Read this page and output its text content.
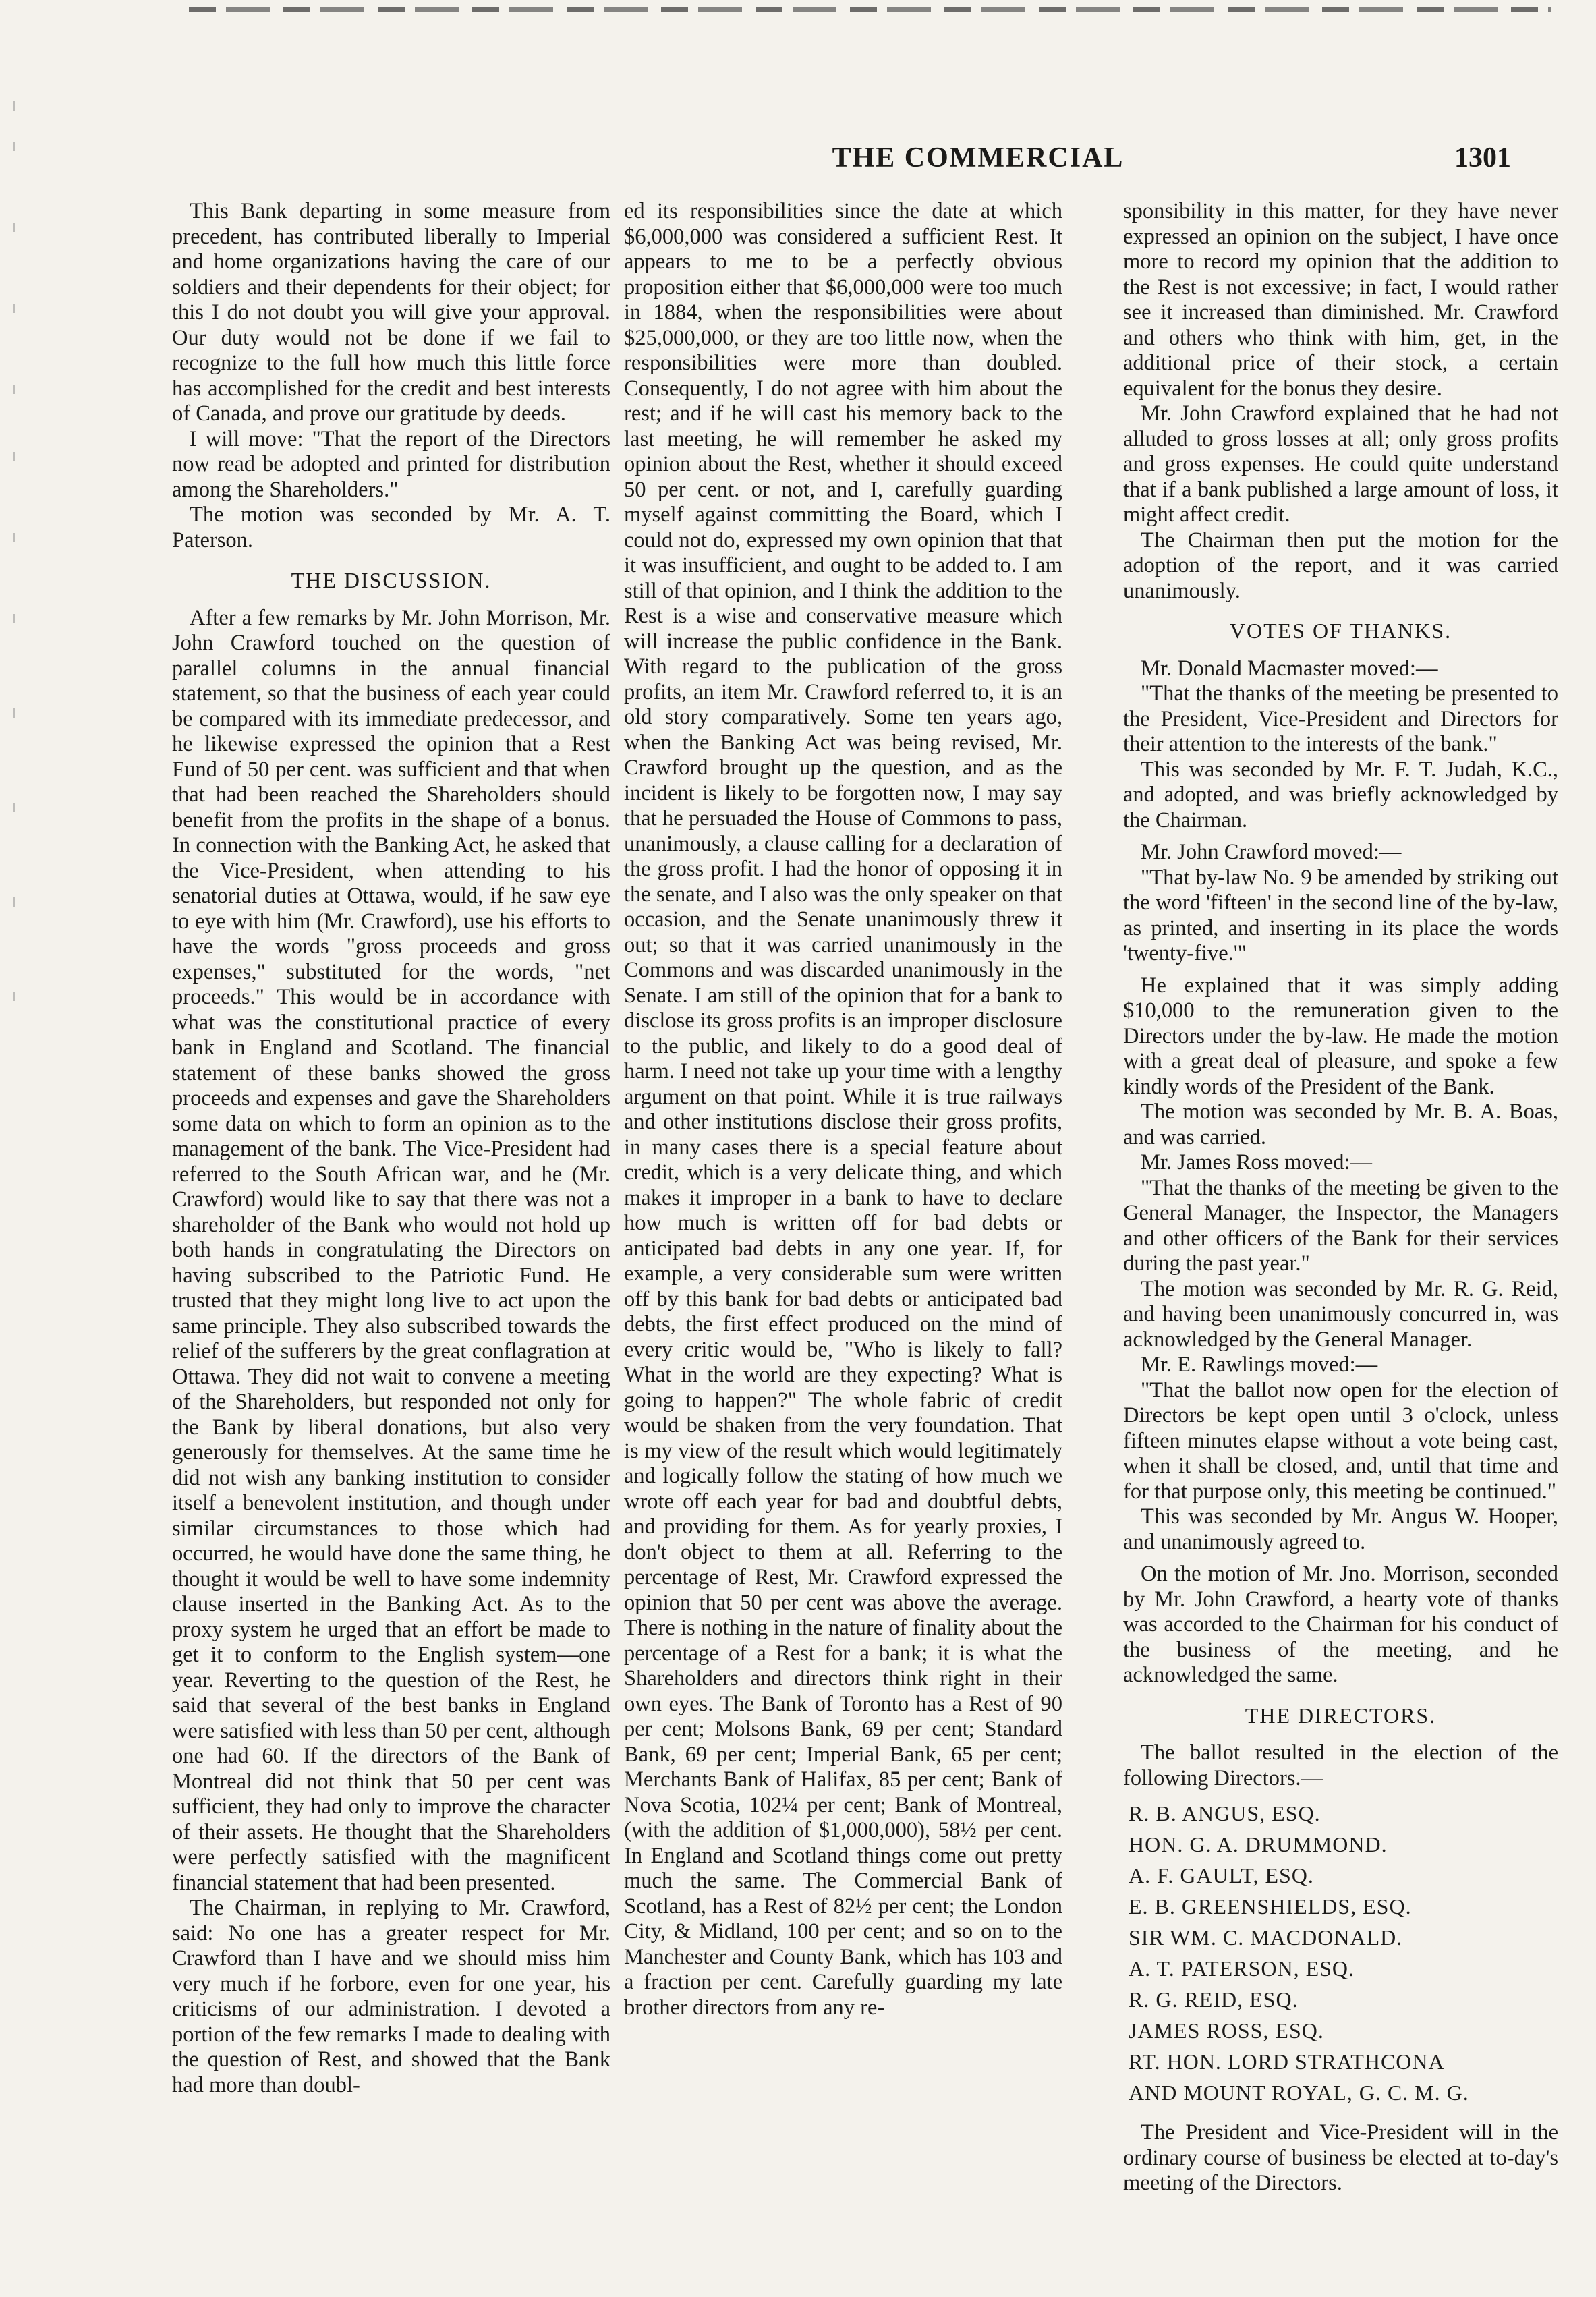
THE COMMERCIAL	1301

This Bank departing in some measure from precedent, has contributed liberally to Imperial and home organizations having the care of our soldiers and their dependents for their object; for this I do not doubt you will give your approval. Our duty would not be done if we fail to recognize to the full how much this little force has accomplished for the credit and best interests of Canada, and prove our gratitude by deeds.

I will move: "That the report of the Directors now read be adopted and printed for distribution among the Shareholders."

The motion was seconded by Mr. A. T. Paterson.

THE DISCUSSION.

After a few remarks by Mr. John Morrison, Mr. John Crawford touched on the question of parallel columns in the annual financial statement, so that the business of each year could be compared with its immediate predecessor, and he likewise expressed the opinion that a Rest Fund of 50 per cent. was sufficient and that when that had been reached the Shareholders should benefit from the profits in the shape of a bonus. In connection with the Banking Act, he asked that the Vice-President, when attending to his senatorial duties at Ottawa, would, if he saw eye to eye with him (Mr. Crawford), use his efforts to have the words "gross proceeds and gross expenses," substituted for the words, "net proceeds." This would be in accordance with what was the constitutional practice of every bank in England and Scotland. The financial statement of these banks showed the gross proceeds and expenses and gave the Shareholders some data on which to form an opinion as to the management of the bank. The Vice-President had referred to the South African war, and he (Mr. Crawford) would like to say that there was not a shareholder of the Bank who would not hold up both hands in congratulating the Directors on having subscribed to the Patriotic Fund. He trusted that they might long live to act upon the same principle. They also subscribed towards the relief of the sufferers by the great conflagration at Ottawa. They did not wait to convene a meeting of the Shareholders, but responded not only for the Bank by liberal donations, but also very generously for themselves. At the same time he did not wish any banking institution to consider itself a benevolent institution, and though under similar circumstances to those which had occurred, he would have done the same thing, he thought it would be well to have some indemnity clause inserted in the Banking Act. As to the proxy system he urged that an effort be made to get it to conform to the English system—one year. Reverting to the question of the Rest, he said that several of the best banks in England were satisfied with less than 50 per cent, although one had 60. If the directors of the Bank of Montreal did not think that 50 per cent was sufficient, they had only to improve the character of their assets. He thought that the Shareholders were perfectly satisfied with the magnificent financial statement that had been presented.

The Chairman, in replying to Mr. Crawford, said: No one has a greater respect for Mr. Crawford than I have and we should miss him very much if he forbore, even for one year, his criticisms of our administration. I devoted a portion of the few remarks I made to dealing with the question of Rest, and showed that the Bank had more than doubl-

ed its responsibilities since the date at which $6,000,000 was considered a sufficient Rest. It appears to me to be a perfectly obvious proposition either that $6,000,000 were too much in 1884, when the responsibilities were about $25,000,000, or they are too little now, when the responsibilities were more than doubled. Consequently, I do not agree with him about the rest; and if he will cast his memory back to the last meeting, he will remember he asked my opinion about the Rest, whether it should exceed 50 per cent. or not, and I, carefully guarding myself against committing the Board, which I could not do, expressed my own opinion that that it was insufficient, and ought to be added to. I am still of that opinion, and I think the addition to the Rest is a wise and conservative measure which will increase the public confidence in the Bank. With regard to the publication of the gross profits, an item Mr. Crawford referred to, it is an old story comparatively. Some ten years ago, when the Banking Act was being revised, Mr. Crawford brought up the question, and as the incident is likely to be forgotten now, I may say that he persuaded the House of Commons to pass, unanimously, a clause calling for a declaration of the gross profit. I had the honor of opposing it in the senate, and I also was the only speaker on that occasion, and the Senate unanimously threw it out; so that it was carried unanimously in the Commons and was discarded unanimously in the Senate. I am still of the opinion that for a bank to disclose its gross profits is an improper disclosure to the public, and likely to do a good deal of harm. I need not take up your time with a lengthy argument on that point. While it is true railways and other institutions disclose their gross profits, in many cases there is a special feature about credit, which is a very delicate thing, and which makes it improper in a bank to have to declare how much is written off for bad debts or anticipated bad debts in any one year. If, for example, a very considerable sum were written off by this bank for bad debts or anticipated bad debts, the first effect produced on the mind of every critic would be, "Who is likely to fall? What in the world are they expecting? What is going to happen?" The whole fabric of credit would be shaken from the very foundation. That is my view of the result which would legitimately and logically follow the stating of how much we wrote off each year for bad and doubtful debts, and providing for them. As for yearly proxies, I don't object to them at all. Referring to the percentage of Rest, Mr. Crawford expressed the opinion that 50 per cent was above the average. There is nothing in the nature of finality about the percentage of a Rest for a bank; it is what the Shareholders and directors think right in their own eyes. The Bank of Toronto has a Rest of 90 per cent; Molsons Bank, 69 per cent; Standard Bank, 69 per cent; Imperial Bank, 65 per cent; Merchants Bank of Halifax, 85 per cent; Bank of Nova Scotia, 102¼ per cent; Bank of Montreal, (with the addition of $1,000,000), 58½ per cent. In England and Scotland things come out pretty much the same. The Commercial Bank of Scotland, has a Rest of 82½ per cent; the London City, & Midland, 100 per cent; and so on to the Manchester and County Bank, which has 103 and a fraction per cent. Carefully guarding my late brother directors from any re-

sponsibility in this matter, for they have never expressed an opinion on the subject, I have once more to record my opinion that the addition to the Rest is not excessive; in fact, I would rather see it increased than diminished. Mr. Crawford and others who think with him, get, in the additional price of their stock, a certain equivalent for the bonus they desire.

Mr. John Crawford explained that he had not alluded to gross losses at all; only gross profits and gross expenses. He could quite understand that if a bank published a large amount of loss, it might affect credit.

The Chairman then put the motion for the adoption of the report, and it was carried unanimously.

VOTES OF THANKS.

Mr. Donald Macmaster moved:—

"That the thanks of the meeting be presented to the President, Vice-President and Directors for their attention to the interests of the bank."

This was seconded by Mr. F. T. Judah, K.C., and adopted, and was briefly acknowledged by the Chairman.

Mr. John Crawford moved:—

"That by-law No. 9 be amended by striking out the word 'fifteen' in the second line of the by-law, as printed, and inserting in its place the words 'twenty-five.'"

He explained that it was simply adding $10,000 to the remuneration given to the Directors under the by-law. He made the motion with a great deal of pleasure, and spoke a few kindly words of the President of the Bank.

The motion was seconded by Mr. B. A. Boas, and was carried.

Mr. James Ross moved:—

"That the thanks of the meeting be given to the General Manager, the Inspector, the Managers and other officers of the Bank for their services during the past year."

The motion was seconded by Mr. R. G. Reid, and having been unanimously concurred in, was acknowledged by the General Manager.

Mr. E. Rawlings moved:—

"That the ballot now open for the election of Directors be kept open until 3 o'clock, unless fifteen minutes elapse without a vote being cast, when it shall be closed, and, until that time and for that purpose only, this meeting be continued."

This was seconded by Mr. Angus W. Hooper, and unanimously agreed to.

On the motion of Mr. Jno. Morrison, seconded by Mr. John Crawford, a hearty vote of thanks was accorded to the Chairman for his conduct of the business of the meeting, and he acknowledged the same.

THE DIRECTORS.

The ballot resulted in the election of the following Directors.—

R. B. ANGUS, ESQ.
HON. G. A. DRUMMOND.
A. F. GAULT, ESQ.
E. B. GREENSHIELDS, ESQ.
SIR WM. C. MACDONALD.
A. T. PATERSON, ESQ.
R. G. REID, ESQ.
JAMES ROSS, ESQ.
RT. HON. LORD STRATHCONA
AND MOUNT ROYAL, G. C. M. G.

The President and Vice-President will in the ordinary course of business be elected at to-day's meeting of the Directors.
